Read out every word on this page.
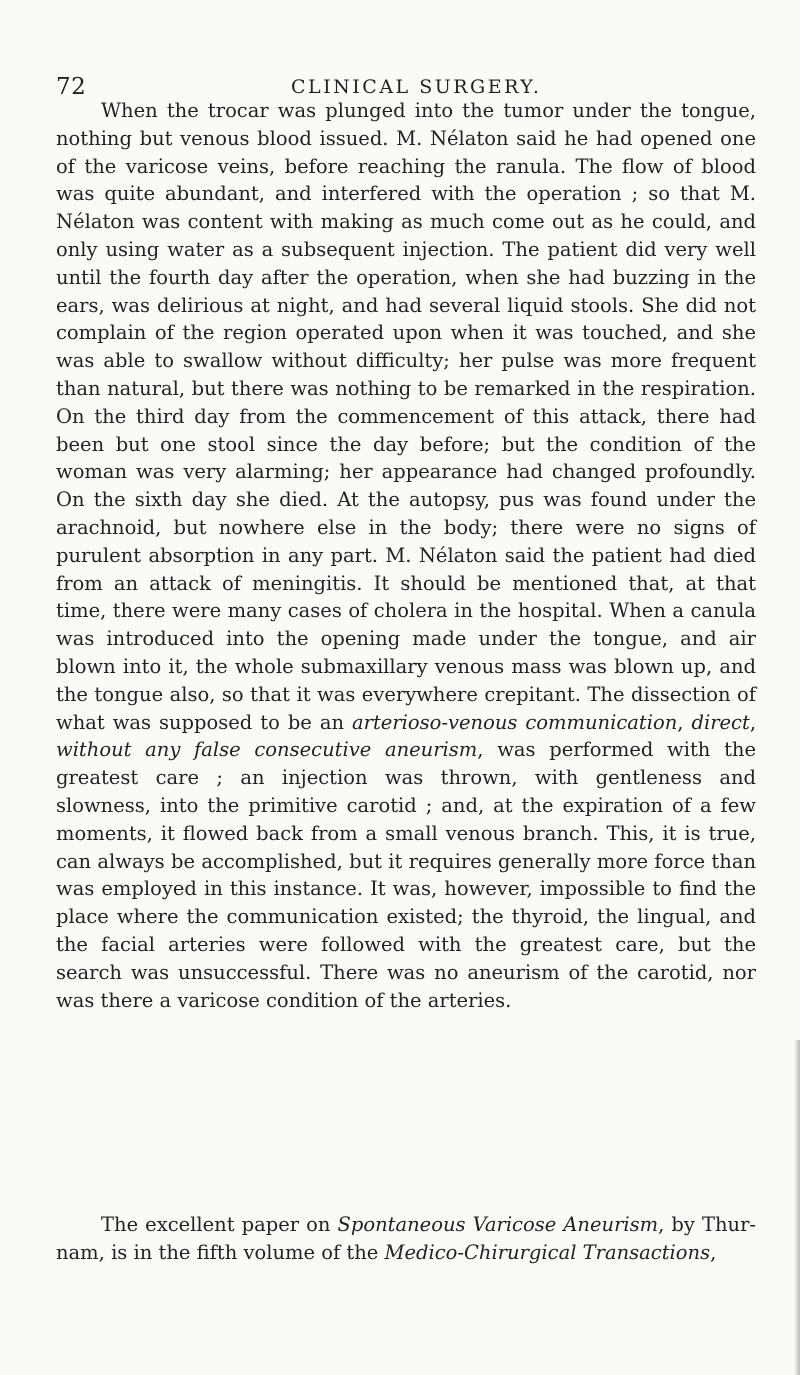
72	CLINICAL SURGERY.

When the trocar was plunged into the tumor under the tongue, nothing but venous blood issued. M. Nélaton said he had opened one of the varicose veins, before reaching the ranula. The flow of blood was quite abundant, and interfered with the operation ; so that M. Nélaton was content with making as much come out as he could, and only using water as a subsequent injection. The patient did very well until the fourth day after the operation, when she had buzzing in the ears, was delirious at night, and had several liquid stools. She did not complain of the region operated upon when it was touched, and she was able to swallow without difficulty; her pulse was more frequent than natural, but there was nothing to be remarked in the respiration. On the third day from the commencement of this attack, there had been but one stool since the day before; but the condition of the woman was very alarming; her appearance had changed profoundly. On the sixth day she died. At the autopsy, pus was found under the arachnoid, but nowhere else in the body; there were no signs of purulent absorption in any part. M. Nélaton said the patient had died from an attack of meningitis. It should be mentioned that, at that time, there were many cases of cholera in the hospital. When a canula was introduced into the opening made under the tongue, and air blown into it, the whole submaxillary venous mass was blown up, and the tongue also, so that it was everywhere crepitant. The dissection of what was supposed to be an arterioso-venous communication, direct, without any false consecutive aneurism, was performed with the greatest care ; an injection was thrown, with gentleness and slowness, into the primitive carotid ; and, at the expiration of a few moments, it flowed back from a small venous branch. This, it is true, can always be accomplished, but it requires generally more force than was employed in this instance. It was, however, impossible to find the place where the communication existed; the thyroid, the lingual, and the facial arteries were followed with the greatest care, but the search was unsuccessful. There was no aneurism of the carotid, nor was there a varicose condition of the arteries.

The excellent paper on Spontaneous Varicose Aneurism, by Thur-nam, is in the fifth volume of the Medico-Chirurgical Transactions,
